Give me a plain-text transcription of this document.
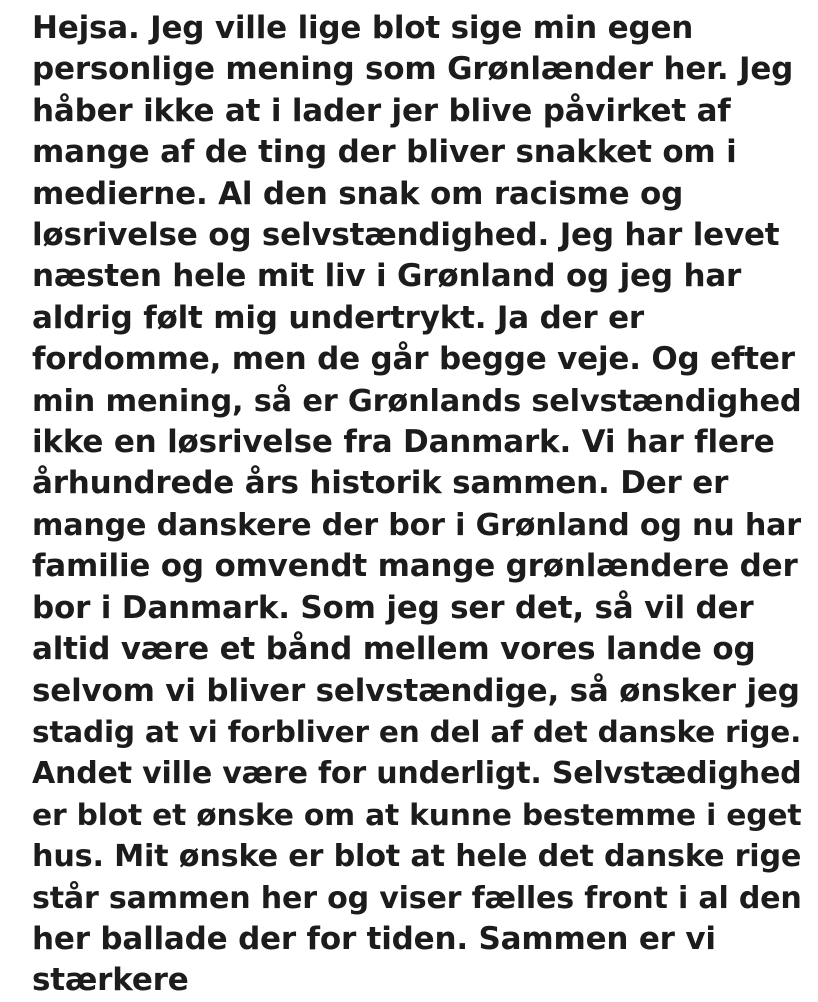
Hejsa. Jeg ville lige blot sige min egen
personlige mening som Grønlænder her. Jeg
håber ikke at i lader jer blive påvirket af
mange af de ting der bliver snakket om i
medierne. Al den snak om racisme og
løsrivelse og selvstændighed. Jeg har levet
næsten hele mit liv i Grønland og jeg har
aldrig følt mig undertrykt. Ja der er
fordomme, men de går begge veje. Og efter
min mening, så er Grønlands selvstændighed
ikke en løsrivelse fra Danmark. Vi har flere
århundrede års historik sammen. Der er
mange danskere der bor i Grønland og nu har
familie og omvendt mange grønlændere der
bor i Danmark. Som jeg ser det, så vil der
altid være et bånd mellem vores lande og
selvom vi bliver selvstændige, så ønsker jeg
stadig at vi forbliver en del af det danske rige.
Andet ville være for underligt. Selvstædighed
er blot et ønske om at kunne bestemme i eget
hus. Mit ønske er blot at hele det danske rige
står sammen her og viser fælles front i al den
her ballade der for tiden. Sammen er vi
stærkere
